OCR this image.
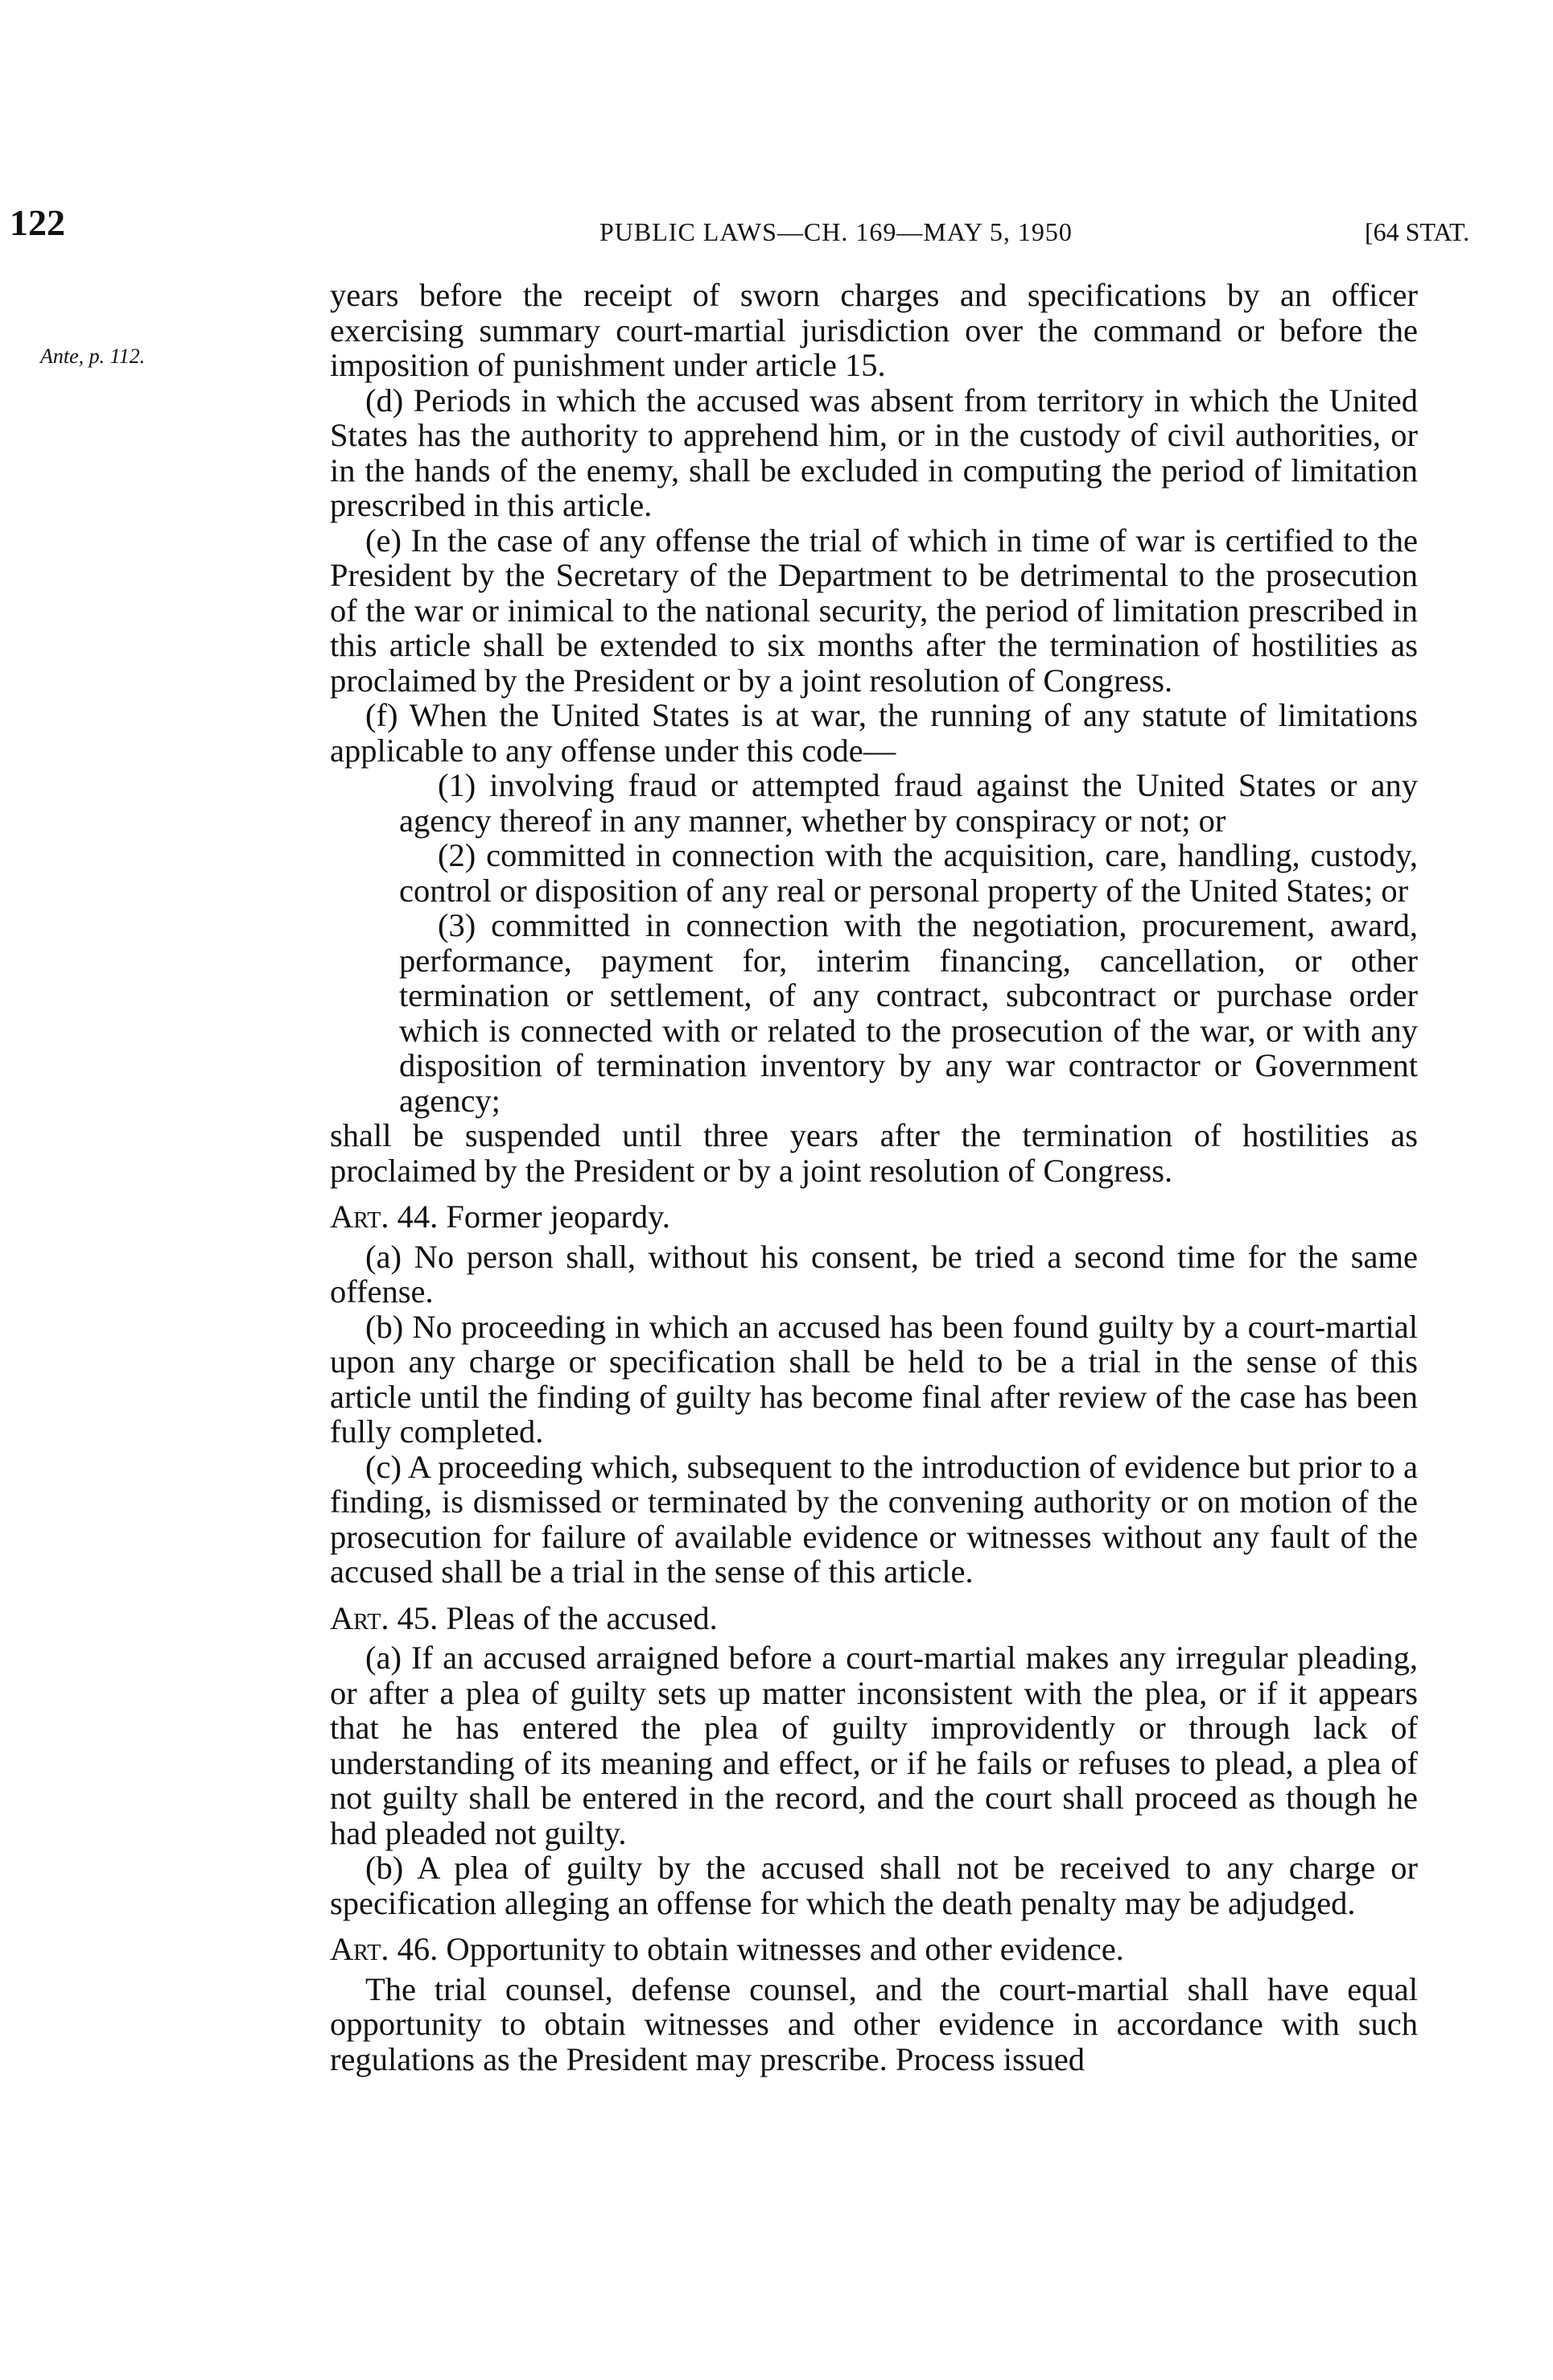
122	PUBLIC LAWS—CH. 169—MAY 5, 1950	[64 STAT.
Ante, p. 112.

years before the receipt of sworn charges and specifications by an officer exercising summary court-martial jurisdiction over the command or before the imposition of punishment under article 15.

(d) Periods in which the accused was absent from territory in which the United States has the authority to apprehend him, or in the custody of civil authorities, or in the hands of the enemy, shall be excluded in computing the period of limitation prescribed in this article.

(e) In the case of any offense the trial of which in time of war is certified to the President by the Secretary of the Department to be detrimental to the prosecution of the war or inimical to the national security, the period of limitation prescribed in this article shall be extended to six months after the termination of hostilities as proclaimed by the President or by a joint resolution of Congress.

(f) When the United States is at war, the running of any statute of limitations applicable to any offense under this code—

(1) involving fraud or attempted fraud against the United States or any agency thereof in any manner, whether by conspiracy or not; or

(2) committed in connection with the acquisition, care, handling, custody, control or disposition of any real or personal property of the United States; or

(3) committed in connection with the negotiation, procurement, award, performance, payment for, interim financing, cancellation, or other termination or settlement, of any contract, subcontract or purchase order which is connected with or related to the prosecution of the war, or with any disposition of termination inventory by any war contractor or Government agency;

shall be suspended until three years after the termination of hostilities as proclaimed by the President or by a joint resolution of Congress.

Art. 44. Former jeopardy.

(a) No person shall, without his consent, be tried a second time for the same offense.

(b) No proceeding in which an accused has been found guilty by a court-martial upon any charge or specification shall be held to be a trial in the sense of this article until the finding of guilty has become final after review of the case has been fully completed.

(c) A proceeding which, subsequent to the introduction of evidence but prior to a finding, is dismissed or terminated by the convening authority or on motion of the prosecution for failure of available evidence or witnesses without any fault of the accused shall be a trial in the sense of this article.

Art. 45. Pleas of the accused.

(a) If an accused arraigned before a court-martial makes any irregular pleading, or after a plea of guilty sets up matter inconsistent with the plea, or if it appears that he has entered the plea of guilty improvidently or through lack of understanding of its meaning and effect, or if he fails or refuses to plead, a plea of not guilty shall be entered in the record, and the court shall proceed as though he had pleaded not guilty.

(b) A plea of guilty by the accused shall not be received to any charge or specification alleging an offense for which the death penalty may be adjudged.

Art. 46. Opportunity to obtain witnesses and other evidence.

The trial counsel, defense counsel, and the court-martial shall have equal opportunity to obtain witnesses and other evidence in accordance with such regulations as the President may prescribe. Process issued
